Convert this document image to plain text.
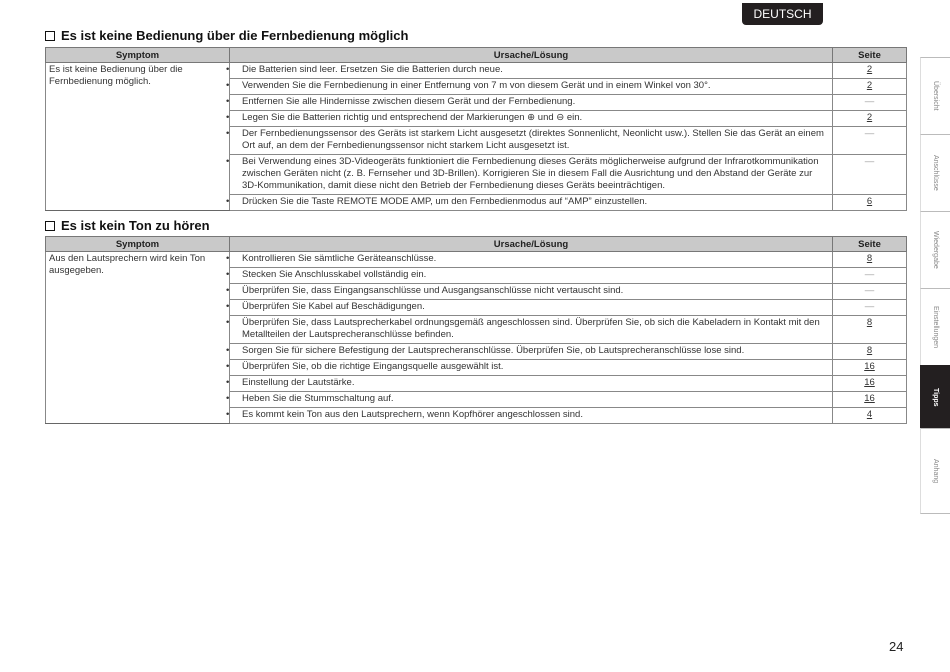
DEUTSCH
Es ist keine Bedienung über die Fernbedienung möglich
Symptom	Ursache/Lösung	Seite
Es ist keine Bedienung über die Fernbedienung möglich.	• Die Batterien sind leer. Ersetzen Sie die Batterien durch neue.	2

	• Verwenden Sie die Fernbedienung in einer Entfernung von 7 m von diesem Gerät und in einem Winkel von 30°.	2

	• Entfernen Sie alle Hindernisse zwischen diesem Gerät und der Fernbedienung.	—

	• Legen Sie die Batterien richtig und entsprechend der Markierungen ⊕ und ⊖ ein.	2

	• Der Fernbedienungssensor des Geräts ist starkem Licht ausgesetzt (direktes Sonnenlicht, Neonlicht usw.). Stellen Sie das Gerät an einem Ort auf, an dem der Fernbedienungssensor nicht starkem Licht ausgesetzt ist.	—

	• Bei Verwendung eines 3D-Videogeräts funktioniert die Fernbedienung dieses Geräts möglicherweise aufgrund der Infrarotkommunikation zwischen Geräten nicht (z. B. Fernseher und 3D-Brillen). Korrigieren Sie in diesem Fall die Ausrichtung und den Abstand der Geräte zur 3D-Kommunikation, damit diese nicht den Betrieb der Fernbedienung dieses Geräts beeinträchtigen.	—

	• Drücken Sie die Taste REMOTE MODE AMP, um den Fernbedienmodus auf “AMP” einzustellen.	6
Es ist kein Ton zu hören
Symptom	Ursache/Lösung	Seite
Aus den Lautsprechern wird kein Ton ausgegeben.	• Kontrollieren Sie sämtliche Geräteanschlüsse.	8

	• Stecken Sie Anschlusskabel vollständig ein.	—

	• Überprüfen Sie, dass Eingangsanschlüsse und Ausgangsanschlüsse nicht vertauscht sind.	—

	• Überprüfen Sie Kabel auf Beschädigungen.	—

	• Überprüfen Sie, dass Lautsprecherkabel ordnungsgemäß angeschlossen sind. Überprüfen Sie, ob sich die Kabeladern in Kontakt mit den Metallteilen der Lautsprecheranschlüsse befinden.	8

	• Sorgen Sie für sichere Befestigung der Lautsprecheranschlüsse. Überprüfen Sie, ob Lautsprecheranschlüsse lose sind.	8

	• Überprüfen Sie, ob die richtige Eingangsquelle ausgewählt ist.	16

	• Einstellung der Lautstärke.	16

	• Heben Sie die Stummschaltung auf.	16

	• Es kommt kein Ton aus den Lautsprechern, wenn Kopfhörer angeschlossen sind.	4
Übersicht
Anschlüsse
Wiedergabe
Einstellungen
Tipps
Anhang
24
